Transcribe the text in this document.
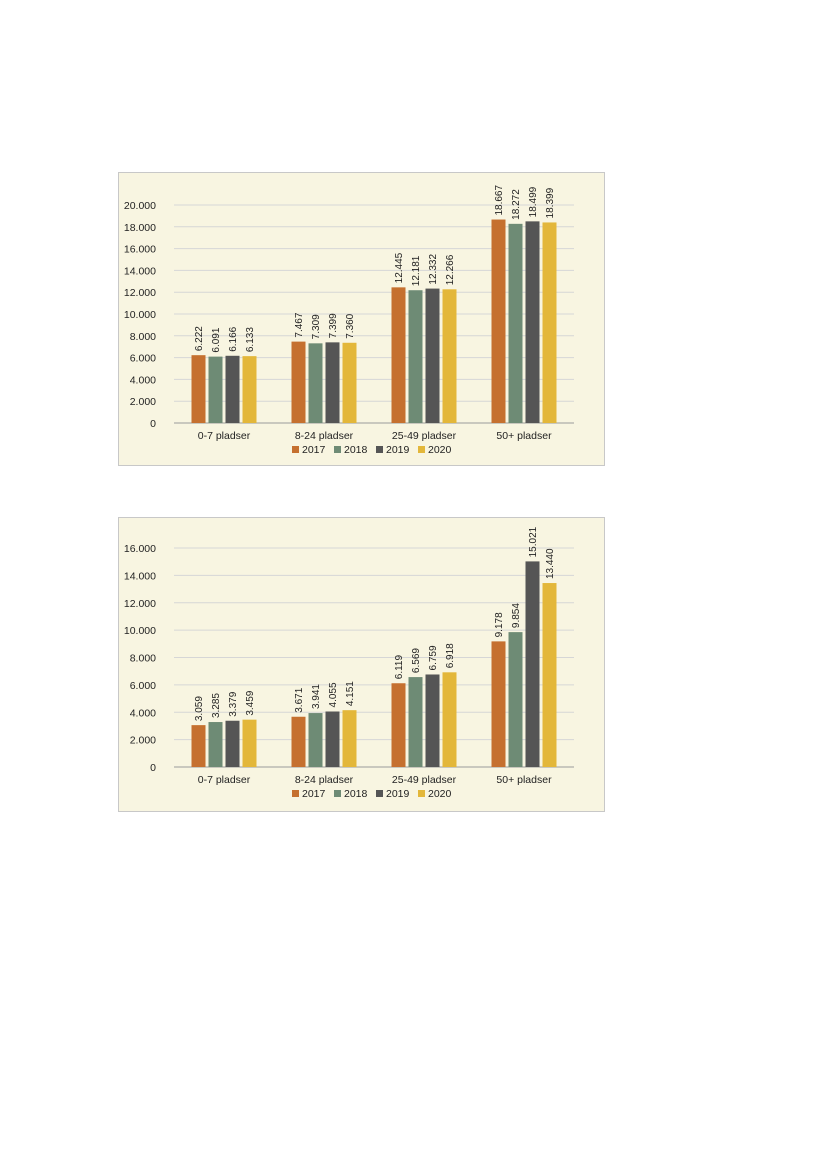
0
2.000
4.000
6.000
8.000
10.000
12.000
14.000
16.000
18.000
20.000
6.222 6.091 6.166 6.133
0-7 pladser
7.467 7.309 7.399 7.360
8-24 pladser
12.445 12.181 12.332 12.266
25-49 pladser
18.667 18.272 18.499 18.399
50+ pladser
2017 2018 2019 2020
0
2.000
4.000
6.000
8.000
10.000
12.000
14.000
16.000
3.059 3.285 3.379 3.459
0-7 pladser
3.671 3.941 4.055 4.151
8-24 pladser
6.119 6.569 6.759 6.918
25-49 pladser
9.178 9.854
15.021
13.440
50+ pladser
2017 2018 2019 2020
